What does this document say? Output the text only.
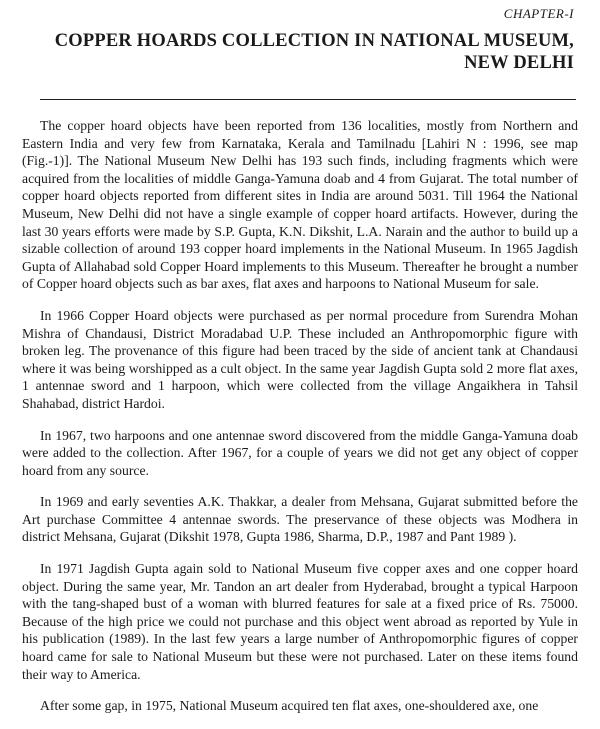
CHAPTER-I
COPPER HOARDS COLLECTION IN NATIONAL MUSEUM,
NEW DELHI

The copper hoard objects have been reported from 136 localities, mostly from Northern and Eastern India and very few from Karnataka, Kerala and Tamilnadu [Lahiri N : 1996, see map (Fig.-1)]. The National Museum New Delhi has 193 such finds, including fragments which were acquired from the localities of middle Ganga-Yamuna doab and 4 from Gujarat. The total number of copper hoard objects reported from different sites in India are around 5031. Till 1964 the National Museum, New Delhi did not have a single example of copper hoard artifacts. However, during the last 30 years efforts were made by S.P. Gupta, K.N. Dikshit, L.A. Narain and the author to build up a sizable collection of around 193 copper hoard implements in the National Museum. In 1965 Jagdish Gupta of Allahabad sold Copper Hoard implements to this Museum. Thereafter he brought a number of Copper hoard objects such as bar axes, flat axes and harpoons to National Museum for sale.

In 1966 Copper Hoard objects were purchased as per normal procedure from Surendra Mohan Mishra of Chandausi, District Moradabad U.P. These included an Anthropomorphic figure with broken leg. The provenance of this figure had been traced by the side of ancient tank at Chandausi where it was being worshipped as a cult object. In the same year Jagdish Gupta sold 2 more flat axes, 1 antennae sword and 1 harpoon, which were collected from the village Angaikhera in Tahsil Shahabad, district Hardoi.

In 1967, two harpoons and one antennae sword discovered from the middle Ganga-Yamuna doab were added to the collection. After 1967, for a couple of years we did not get any object of copper hoard from any source.

In 1969 and early seventies A.K. Thakkar, a dealer from Mehsana, Gujarat submitted before the Art purchase Committee 4 antennae swords. The preservance of these objects was Modhera in district Mehsana, Gujarat (Dikshit 1978, Gupta 1986, Sharma, D.P., 1987 and Pant 1989 ).

In 1971 Jagdish Gupta again sold to National Museum five copper axes and one copper hoard object. During the same year, Mr. Tandon an art dealer from Hyderabad, brought a typical Harpoon with the tang-shaped bust of a woman with blurred features for sale at a fixed price of Rs. 75000. Because of the high price we could not purchase and this object went abroad as reported by Yule in his publication (1989). In the last few years a large number of Anthropomorphic figures of copper hoard came for sale to National Museum but these were not purchased. Later on these items found their way to America.

After some gap, in 1975, National Museum acquired ten flat axes, one-shouldered axe, one
